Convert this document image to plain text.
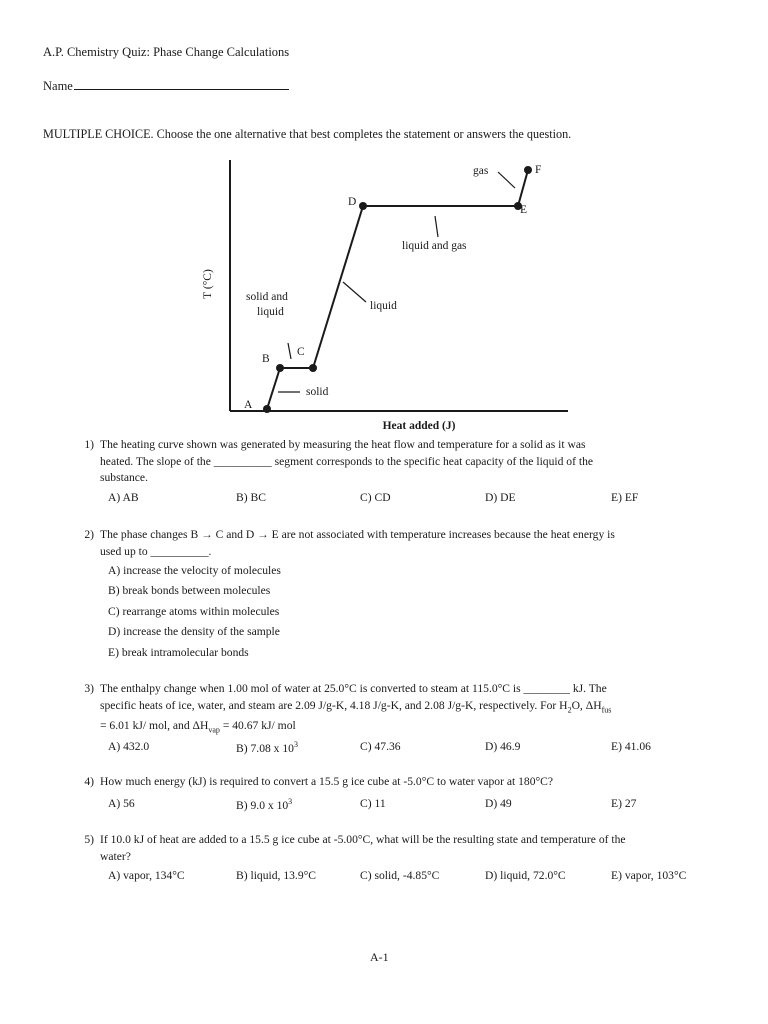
A.P. Chemistry Quiz: Phase Change Calculations
Name
MULTIPLE CHOICE. Choose the one alternative that best completes the statement or answers the question.
A
B
C
D
E
F
solid
solid and
liquid	liquid
liquid and gas
gas
T (°C)
Heat added (J)
1) The heating curve shown was generated by measuring the heat flow and temperature for a solid as it was
heated. The slope of the __________ segment corresponds to the specific heat capacity of the liquid of the
substance.
A) AB	B) BC	C) CD	D) DE	E) EF
2) The phase changes B → C and D → E are not associated with temperature increases because the heat energy is
used up to __________.
A) increase the velocity of molecules
B) break bonds between molecules
C) rearrange atoms within molecules
D) increase the density of the sample
E) break intramolecular bonds
3) The enthalpy change when 1.00 mol of water at 25.0°C is converted to steam at 115.0°C is ________ kJ. The
specific heats of ice, water, and steam are 2.09 J/g-K, 4.18 J/g-K, and 2.08 J/g-K, respectively. For $H_2O$, $\Delta H_{fus}$
= 6.01 kJ/ mol, and $\Delta H_{vap} = 40.67$ kJ/ mol
A) 432.0	B) 7.08 x $10^3$	C) 47.36	D) 46.9	E) 41.06
4) How much energy (kJ) is required to convert a 15.5 g ice cube at -5.0°C to water vapor at 180°C?
A) 56	B) 9.0 x $10^3$	C) 11	D) 49	E) 27
5) If 10.0 kJ of heat are added to a 15.5 g ice cube at -5.00°C, what will be the resulting state and temperature of the
water?
A) vapor, 134°C	B) liquid, 13.9°C	C) solid, -4.85°C	D) liquid, 72.0°C	E) vapor, 103°C
A-1
